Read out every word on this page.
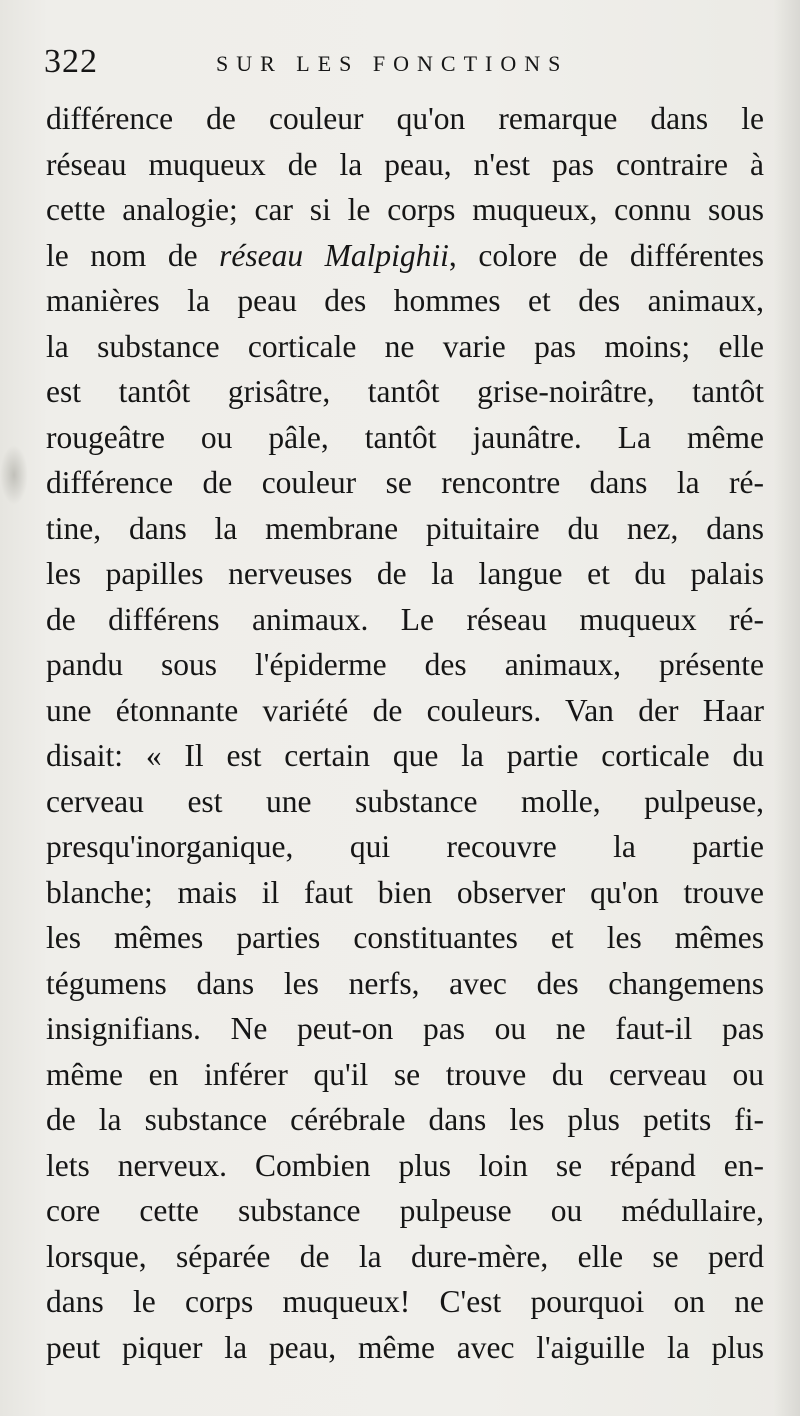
322	SUR LES FONCTIONS
différence de couleur qu'on remarque dans le
réseau muqueux de la peau, n'est pas contraire à
cette analogie; car si le corps muqueux, connu sous
le nom de réseau Malpighii, colore de différentes
manières la peau des hommes et des animaux,
la substance corticale ne varie pas moins; elle
est tantôt grisâtre, tantôt grise-noirâtre, tantôt
rougeâtre ou pâle, tantôt jaunâtre. La même
différence de couleur se rencontre dans la ré-
tine, dans la membrane pituitaire du nez, dans
les papilles nerveuses de la langue et du palais
de différens animaux. Le réseau muqueux ré-
pandu sous l'épiderme des animaux, présente
une étonnante variété de couleurs. Van der Haar
disait: « Il est certain que la partie corticale du
cerveau est une substance molle, pulpeuse,
presqu'inorganique, qui recouvre la partie
blanche; mais il faut bien observer qu'on trouve
les mêmes parties constituantes et les mêmes
tégumens dans les nerfs, avec des changemens
insignifians. Ne peut-on pas ou ne faut-il pas
même en inférer qu'il se trouve du cerveau ou
de la substance cérébrale dans les plus petits fi-
lets nerveux. Combien plus loin se répand en-
core cette substance pulpeuse ou médullaire,
lorsque, séparée de la dure-mère, elle se perd
dans le corps muqueux! C'est pourquoi on ne
peut piquer la peau, même avec l'aiguille la plus
